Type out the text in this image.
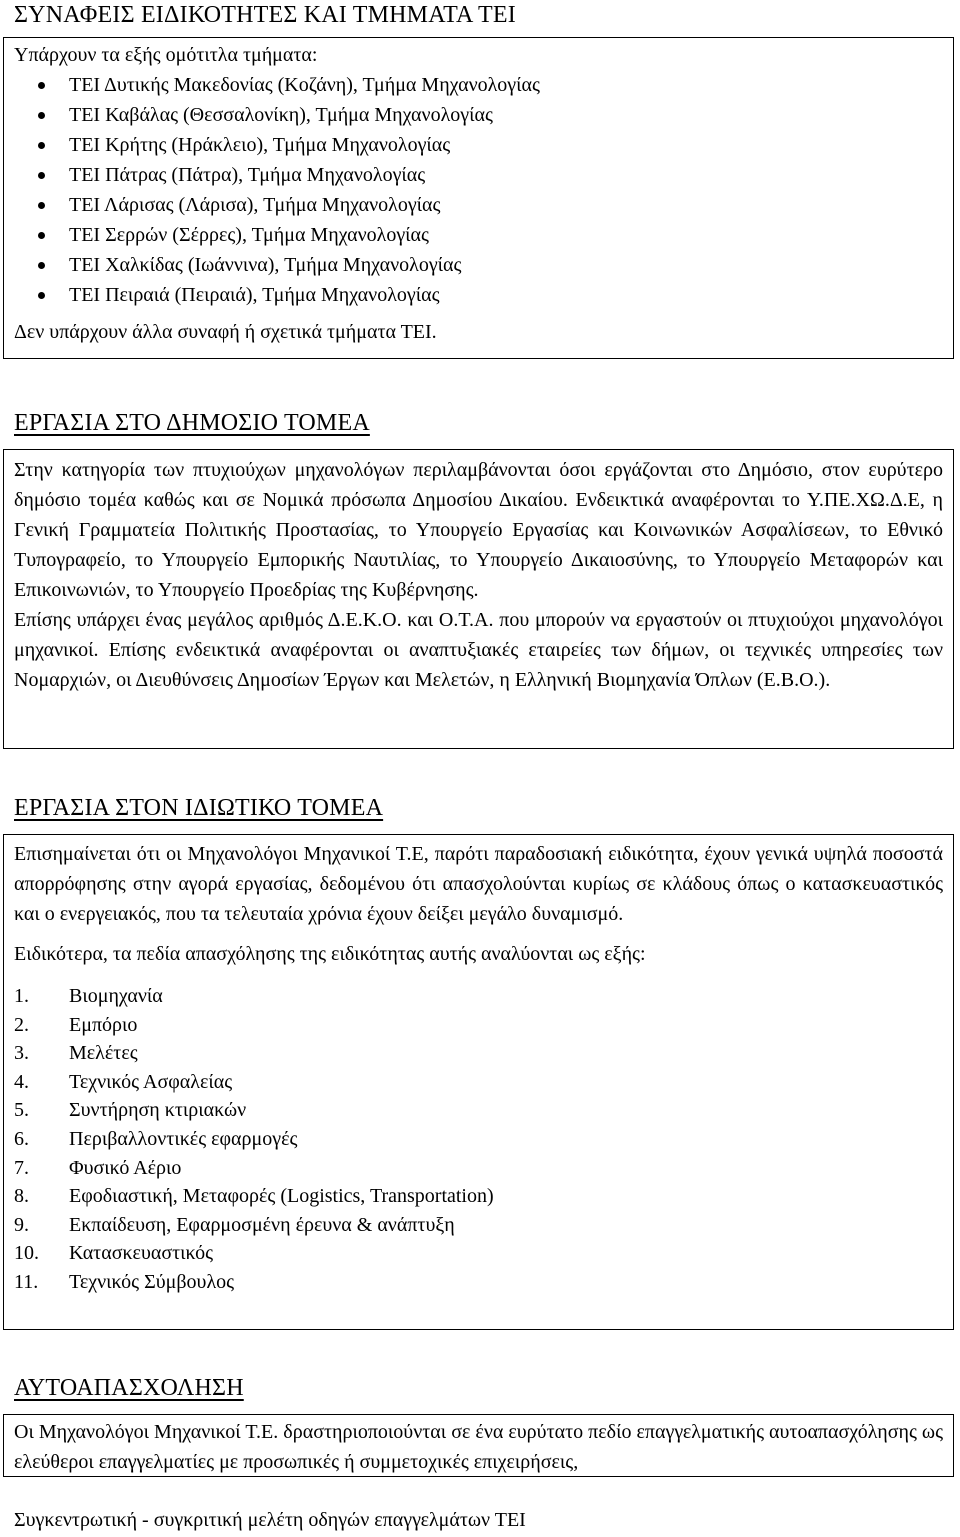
ΣΥΝΑΦΕΙΣ ΕΙΔΙΚΟΤΗΤΕΣ ΚΑΙ ΤΜΗΜΑΤΑ ΤΕΙ

Υπάρχουν τα εξής ομότιτλα τμήματα:

ΤΕΙ Δυτικής Μακεδονίας (Κοζάνη), Τμήμα Μηχανολογίας
ΤΕΙ Καβάλας (Θεσσαλονίκη), Τμήμα Μηχανολογίας
ΤΕΙ Κρήτης (Ηράκλειο), Τμήμα Μηχανολογίας
ΤΕΙ Πάτρας (Πάτρα), Τμήμα Μηχανολογίας
ΤΕΙ Λάρισας (Λάρισα), Τμήμα Μηχανολογίας
ΤΕΙ Σερρών (Σέρρες), Τμήμα Μηχανολογίας
ΤΕΙ Χαλκίδας (Ιωάννινα), Τμήμα Μηχανολογίας
ΤΕΙ Πειραιά (Πειραιά), Τμήμα Μηχανολογίας

Δεν υπάρχουν άλλα συναφή ή σχετικά τμήματα ΤΕΙ.

ΕΡΓΑΣΙΑ ΣΤΟ ΔΗΜΟΣΙΟ ΤΟΜΕΑ

Στην κατηγορία των πτυχιούχων μηχανολόγων περιλαμβάνονται όσοι εργάζονται στο Δημόσιο, στον ευρύτερο δημόσιο τομέα καθώς και σε Νομικά πρόσωπα Δημοσίου Δικαίου. Ενδεικτικά αναφέρονται το Υ.ΠΕ.ΧΩ.Δ.Ε, η Γενική Γραμματεία Πολιτικής Προστασίας, το Υπουργείο Εργασίας και Κοινωνικών Ασφαλίσεων, το Εθνικό Τυπογραφείο, το Υπουργείο Εμπορικής Ναυτιλίας, το Υπουργείο Δικαιοσύνης, το Υπουργείο Μεταφορών και Επικοινωνιών, το Υπουργείο Προεδρίας της Κυβέρνησης.

Επίσης υπάρχει ένας μεγάλος αριθμός Δ.Ε.Κ.Ο. και Ο.Τ.Α. που μπορούν να εργαστούν οι πτυχιούχοι μηχανολόγοι μηχανικοί. Επίσης ενδεικτικά αναφέρονται οι αναπτυξιακές εταιρείες των δήμων, οι τεχνικές υπηρεσίες των Νομαρχιών, οι Διευθύνσεις Δημοσίων Έργων και Μελετών, η Ελληνική Βιομηχανία Όπλων (Ε.Β.Ο.).

ΕΡΓΑΣΙΑ ΣΤΟΝ ΙΔΙΩΤΙΚΟ ΤΟΜΕΑ

Επισημαίνεται ότι οι Μηχανολόγοι Μηχανικοί Τ.Ε, παρότι παραδοσιακή ειδικότητα, έχουν γενικά υψηλά ποσοστά απορρόφησης στην αγορά εργασίας, δεδομένου ότι απασχολούνται κυρίως σε κλάδους όπως ο κατασκευαστικός και ο ενεργειακός, που τα τελευταία χρόνια έχουν δείξει μεγάλο δυναμισμό.

Ειδικότερα, τα πεδία απασχόλησης της ειδικότητας αυτής αναλύονται ως εξής:

1. Βιομηχανία
2. Εμπόριο
3. Μελέτες
4. Τεχνικός Ασφαλείας
5. Συντήρηση κτιριακών
6. Περιβαλλοντικές εφαρμογές
7. Φυσικό Αέριο
8. Εφοδιαστική, Μεταφορές (Logistics, Transportation)
9. Εκπαίδευση, Εφαρμοσμένη έρευνα & ανάπτυξη
10. Κατασκευαστικός
11. Τεχνικός Σύμβουλος
ΑΥΤΟΑΠΑΣΧΟΛΗΣΗ

Οι Μηχανολόγοι Μηχανικοί Τ.Ε. δραστηριοποιούνται σε ένα ευρύτατο πεδίο επαγγελματικής αυτοαπασχόλησης ως ελεύθεροι επαγγελματίες με προσωπικές ή συμμετοχικές επιχειρήσεις,

Συγκεντρωτική - συγκριτική μελέτη οδηγών επαγγελμάτων ΤΕΙ
